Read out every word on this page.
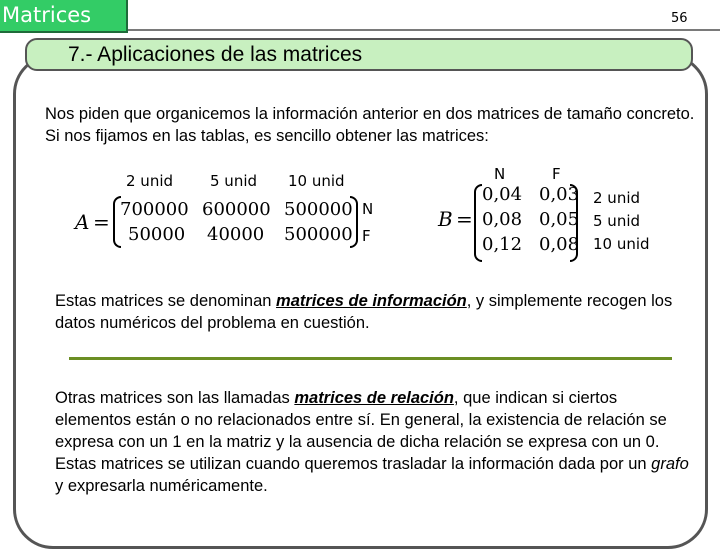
Matrices	56
7.- Aplicaciones de las matrices
Nos piden que organicemos la información anterior en dos matrices de tamaño concreto. Si nos fijamos en las tablas, es sencillo obtener las matrices:
2 unid 5 unid 10 unid
A =
700000 600000 500000
50000 40000 500000
N
F
N	F
B =
0,04 0,03
0,08 0,05
0,12 0,08
2 unid
5 unid
10 unid
Estas matrices se denominan matrices de información, y simplemente recogen los datos numéricos del problema en cuestión.
Otras matrices son las llamadas matrices de relación, que indican si ciertos elementos están o no relacionados entre sí. En general, la existencia de relación se expresa con un 1 en la matriz y la ausencia de dicha relación se expresa con un 0.
Estas matrices se utilizan cuando queremos trasladar la información dada por un grafo y expresarla numéricamente.
